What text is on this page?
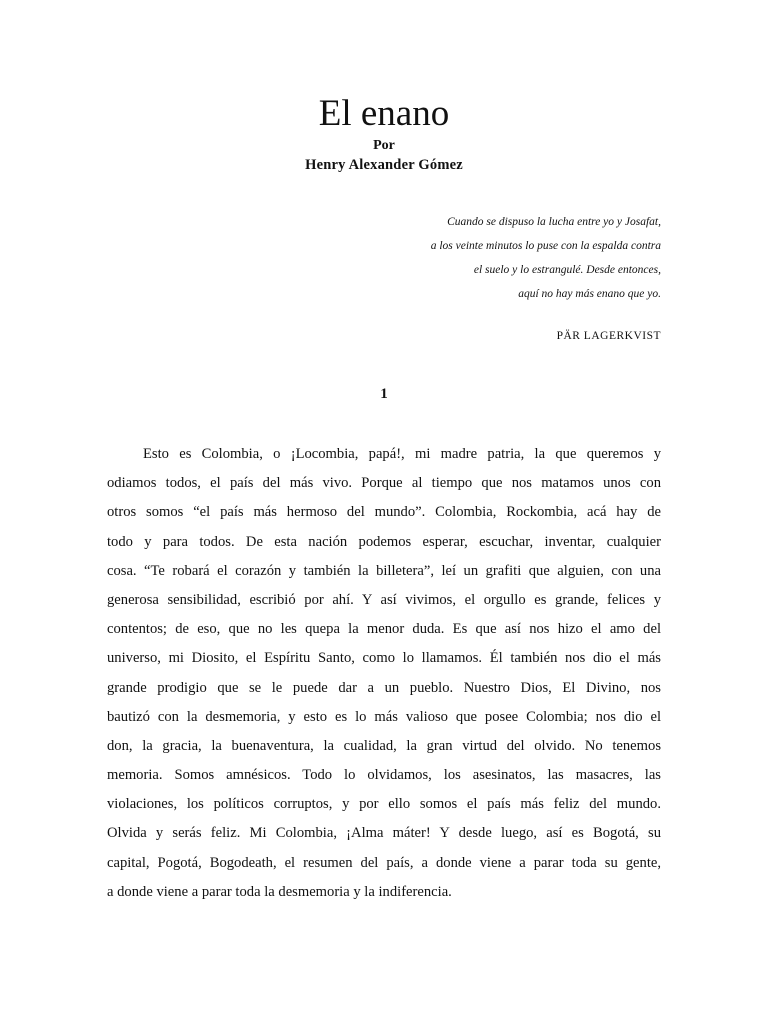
El enano
Por
Henry Alexander Gómez
Cuando se dispuso la lucha entre yo y Josafat,
a los veinte minutos lo puse con la espalda contra
el suelo y lo estrangulé. Desde entonces,
aquí no hay más enano que yo.
PÄR LAGERKVIST
1
Esto es Colombia, o ¡Locombia, papá!, mi madre patria, la que queremos y
odiamos todos, el país del más vivo. Porque al tiempo que nos matamos unos con
otros somos “el país más hermoso del mundo”. Colombia, Rockombia, acá hay de
todo y para todos. De esta nación podemos esperar, escuchar, inventar, cualquier
cosa. “Te robará el corazón y también la billetera”, leí un grafiti que alguien, con una
generosa sensibilidad, escribió por ahí. Y así vivimos, el orgullo es grande, felices y
contentos; de eso, que no les quepa la menor duda. Es que así nos hizo el amo del
universo, mi Diosito, el Espíritu Santo, como lo llamamos. Él también nos dio el más
grande prodigio que se le puede dar a un pueblo. Nuestro Dios, El Divino, nos
bautizó con la desmemoria, y esto es lo más valioso que posee Colombia; nos dio el
don, la gracia, la buenaventura, la cualidad, la gran virtud del olvido. No tenemos
memoria. Somos amnésicos. Todo lo olvidamos, los asesinatos, las masacres, las
violaciones, los políticos corruptos, y por ello somos el país más feliz del mundo.
Olvida y serás feliz. Mi Colombia, ¡Alma máter! Y desde luego, así es Bogotá, su
capital, Pogotá, Bogodeath, el resumen del país, a donde viene a parar toda su gente,
a donde viene a parar toda la desmemoria y la indiferencia.
